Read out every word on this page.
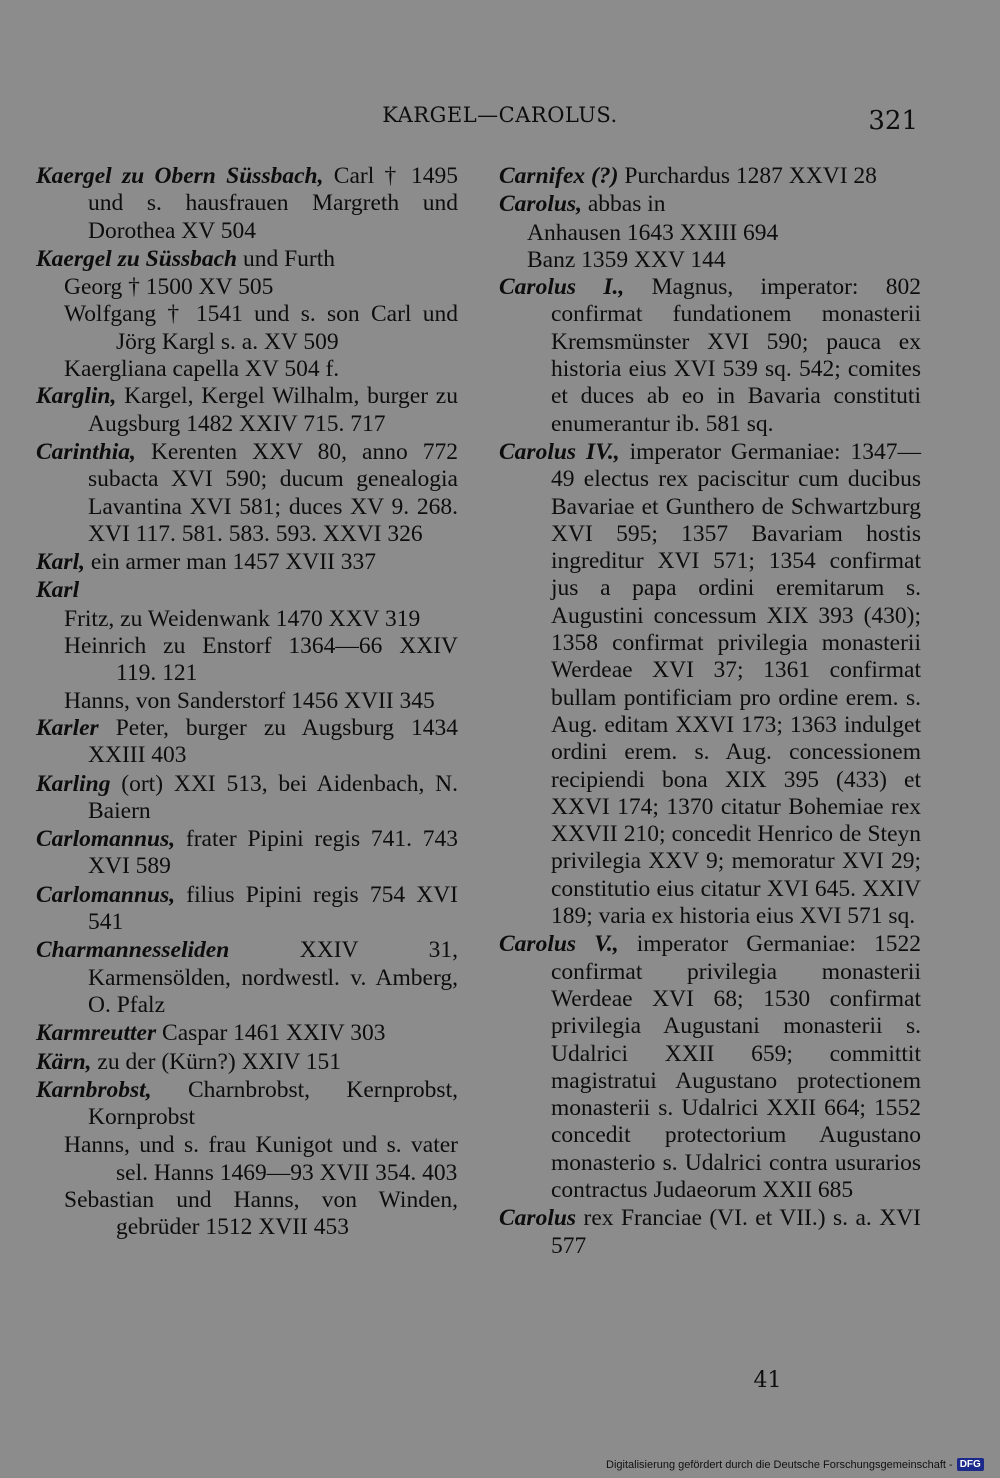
KARGEL—CAROLUS.	321
Kaergel zu Obern Süssbach, Carl † 1495 und s. hausfrauen Margreth und Dorothea XV 504
Kaergel zu Süssbach und Furth
Georg † 1500 XV 505
Wolfgang † 1541 und s. son Carl und Jörg Kargl s. a. XV 509
Kaergliana capella XV 504 f.
Karglin, Kargel, Kergel Wilhalm, burger zu Augsburg 1482 XXIV 715. 717
Carinthia, Kerenten XXV 80, anno 772 subacta XVI 590; ducum genealogia Lavantina XVI 581; duces XV 9. 268. XVI 117. 581. 583. 593. XXVI 326
Karl, ein armer man 1457 XVII 337
Karl
Fritz, zu Weidenwank 1470 XXV 319
Heinrich zu Enstorf 1364—66 XXIV 119. 121
Hanns, von Sanderstorf 1456 XVII 345
Karler Peter, burger zu Augsburg 1434 XXIII 403
Karling (ort) XXI 513, bei Aidenbach, N. Baiern
Carlomannus, frater Pipini regis 741. 743 XVI 589
Carlomannus, filius Pipini regis 754 XVI 541
Charmannesseliden XXIV 31, Karmensölden, nordwestl. v. Amberg, O. Pfalz
Karmreutter Caspar 1461 XXIV 303
Kärn, zu der (Kürn?) XXIV 151
Karnbrobst, Charnbrobst, Kernprobst, Kornprobst
Hanns, und s. frau Kunigot und s. vater sel. Hanns 1469—93 XVII 354. 403
Sebastian und Hanns, von Winden, gebrüder 1512 XVII 453
Carnifex (?) Purchardus 1287 XXVI 28
Carolus, abbas in
Anhausen 1643 XXIII 694
Banz 1359 XXV 144
Carolus I., Magnus, imperator: 802 confirmat fundationem monasterii Kremsmünster XVI 590; pauca ex historia eius XVI 539 sq. 542; comites et duces ab eo in Bavaria constituti enumerantur ib. 581 sq.
Carolus IV., imperator Germaniae: 1347—49 electus rex paciscitur cum ducibus Bavariae et Gunthero de Schwartzburg XVI 595; 1357 Bavariam hostis ingreditur XVI 571; 1354 confirmat jus a papa ordini eremitarum s. Augustini concessum XIX 393 (430); 1358 confirmat privilegia monasterii Werdeae XVI 37; 1361 confirmat bullam pontificiam pro ordine erem. s. Aug. editam XXVI 173; 1363 indulget ordini erem. s. Aug. concessionem recipiendi bona XIX 395 (433) et XXVI 174; 1370 citatur Bohemiae rex XXVII 210; concedit Henrico de Steyn privilegia XXV 9; memoratur XVI 29; constitutio eius citatur XVI 645. XXIV 189; varia ex historia eius XVI 571 sq.
Carolus V., imperator Germaniae: 1522 confirmat privilegia monasterii Werdeae XVI 68; 1530 confirmat privilegia Augustani monasterii s. Udalrici XXII 659; committit magistratui Augustano protectionem monasterii s. Udalrici XXII 664; 1552 concedit protectorium Augustano monasterio s. Udalrici contra usurarios contractus Judaeorum XXII 685
Carolus rex Franciae (VI. et VII.) s. a. XVI 577
41
Digitalisierung gefördert durch die Deutsche Forschungsgemeinschaft - DFG
